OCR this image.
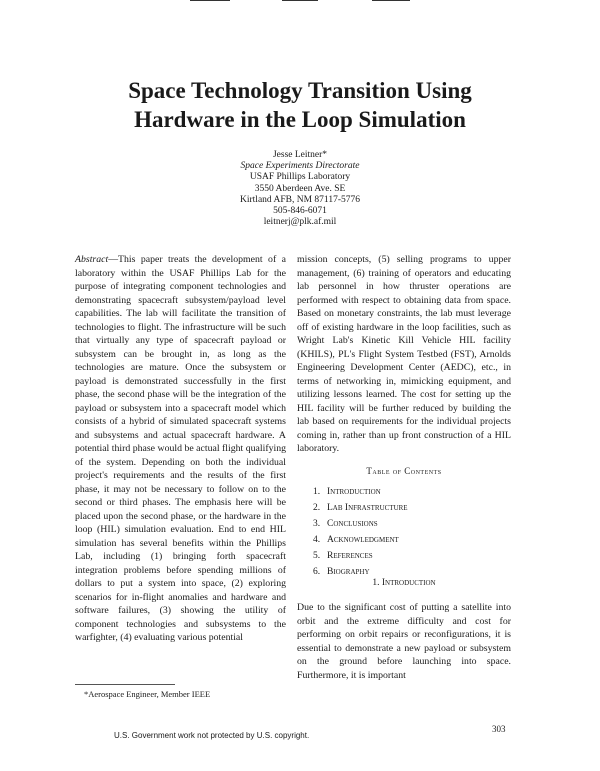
Space Technology Transition Using
Hardware in the Loop Simulation
Jesse Leitner*
Space Experiments Directorate
USAF Phillips Laboratory
3550 Aberdeen Ave. SE
Kirtland AFB, NM 87117-5776
505-846-6071
leitnerj@plk.af.mil

Abstract—This paper treats the development of a laboratory within the USAF Phillips Lab for the purpose of integrating component technologies and demonstrating spacecraft subsystem/payload level capabilities. The lab will facilitate the transition of technologies to flight. The infrastructure will be such that virtually any type of spacecraft payload or subsystem can be brought in, as long as the technologies are mature. Once the subsystem or payload is demonstrated successfully in the first phase, the second phase will be the integration of the payload or subsystem into a spacecraft model which consists of a hybrid of simulated spacecraft systems and subsystems and actual spacecraft hardware. A potential third phase would be actual flight qualifying of the system. Depending on both the individual project's requirements and the results of the first phase, it may not be necessary to follow on to the second or third phases. The emphasis here will be placed upon the second phase, or the hardware in the loop (HIL) simulation evaluation. End to end HIL simulation has several benefits within the Phillips Lab, including (1) bringing forth spacecraft integration problems before spending millions of dollars to put a system into space, (2) exploring scenarios for in-flight anomalies and hardware and software failures, (3) showing the utility of component technologies and subsystems to the warfighter, (4) evaluating various potential

mission concepts, (5) selling programs to upper management, (6) training of operators and educating lab personnel in how thruster operations are performed with respect to obtaining data from space. Based on monetary constraints, the lab must leverage off of existing hardware in the loop facilities, such as Wright Lab's Kinetic Kill Vehicle HIL facility (KHILS), PL's Flight System Testbed (FST), Arnolds Engineering Development Center (AEDC), etc., in terms of networking in, mimicking equipment, and utilizing lessons learned. The cost for setting up the HIL facility will be further reduced by building the lab based on requirements for the individual projects coming in, rather than up front construction of a HIL laboratory.

Table of Contents
1. Introduction
2. Lab Infrastructure
3. Conclusions
4. Acknowledgment
5. References
6. Biography
1. Introduction

Due to the significant cost of putting a satellite into orbit and the extreme difficulty and cost for performing on orbit repairs or reconfigurations, it is essential to demonstrate a new payload or subsystem on the ground before launching into space. Furthermore, it is important

*Aerospace Engineer, Member IEEE
U.S. Government work not protected by U.S. copyright.
303
